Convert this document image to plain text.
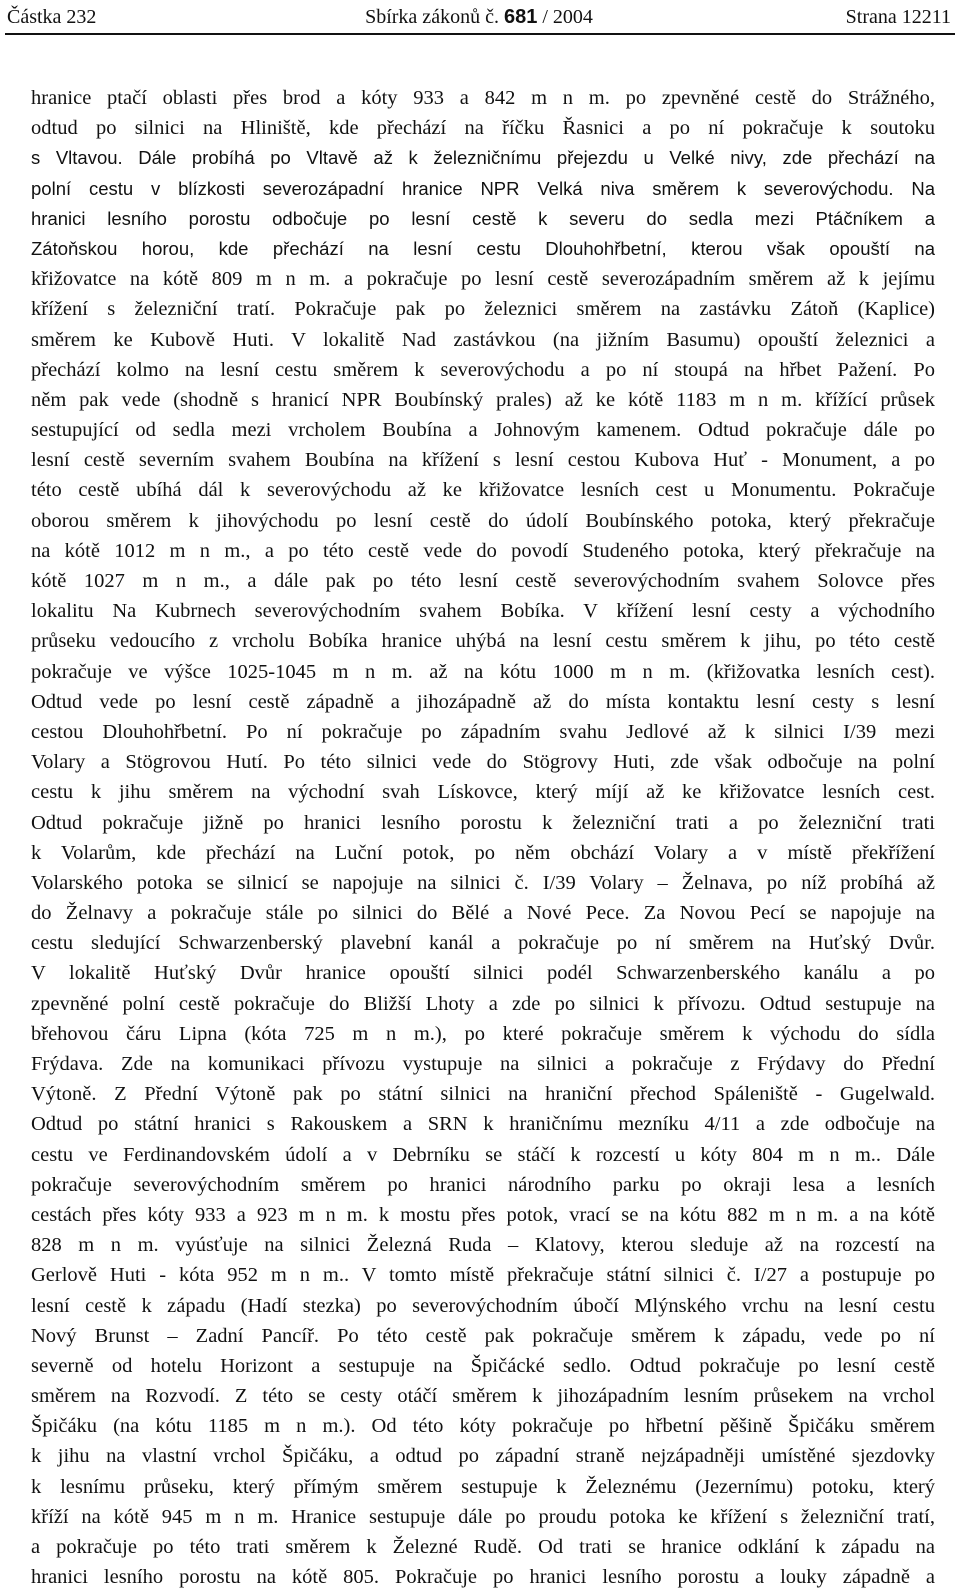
Částka 232	Sbírka zákonů č. 681 / 2004	Strana 12211
hranice ptačí oblasti přes brod a kóty 933 a 842 m n m. po zpevněné cestě do Strážného,
odtud po silnici na Hliniště, kde přechází na říčku Řasnici a po ní pokračuje k soutoku
s Vltavou. Dále probíhá po Vltavě až k železničnímu přejezdu u Velké nivy, zde přechází na
polní cestu v blízkosti severozápadní hranice NPR Velká niva směrem k severovýchodu. Na
hranici lesního porostu odbočuje po lesní cestě k severu do sedla mezi Ptáčníkem a
Zátoňskou horou, kde přechází na lesní cestu Dlouhohřbetní, kterou však opouští na
křižovatce na kótě 809 m n m. a pokračuje po lesní cestě severozápadním směrem až k jejímu
křížení s železniční tratí. Pokračuje pak po železnici směrem na zastávku Zátoň (Kaplice)
směrem ke Kubově Huti. V lokalitě Nad zastávkou (na jižním Basumu) opouští železnici a
přechází kolmo na lesní cestu směrem k severovýchodu a po ní stoupá na hřbet Pažení. Po
něm pak vede (shodně s hranicí NPR Boubínský prales) až ke kótě 1183 m n m. křížící průsek
sestupující od sedla mezi vrcholem Boubína a Johnovým kamenem. Odtud pokračuje dále po
lesní cestě severním svahem Boubína na křížení s lesní cestou Kubova Huť - Monument, a po
této cestě ubíhá dál k severovýchodu až ke křižovatce lesních cest u Monumentu. Pokračuje
oborou směrem k jihovýchodu po lesní cestě do údolí Boubínského potoka, který překračuje
na kótě 1012 m n m., a po této cestě vede do povodí Studeného potoka, který překračuje na
kótě 1027 m n m., a dále pak po této lesní cestě severovýchodním svahem Solovce přes
lokalitu Na Kubrnech severovýchodním svahem Bobíka. V křížení lesní cesty a východního
průseku vedoucího z vrcholu Bobíka hranice uhýbá na lesní cestu směrem k jihu, po této cestě
pokračuje ve výšce 1025-1045 m n m. až na kótu 1000 m n m. (křižovatka lesních cest).
Odtud vede po lesní cestě západně a jihozápadně až do místa kontaktu lesní cesty s lesní
cestou Dlouhohřbetní. Po ní pokračuje po západním svahu Jedlové až k silnici I/39 mezi
Volary a Stögrovou Hutí. Po této silnici vede do Stögrovy Huti, zde však odbočuje na polní
cestu k jihu směrem na východní svah Lískovce, který míjí až ke křižovatce lesních cest.
Odtud pokračuje jižně po hranici lesního porostu k železniční trati a po železniční trati
k Volarům, kde přechází na Luční potok, po něm obchází Volary a v místě překřížení
Volarského potoka se silnicí se napojuje na silnici č. I/39 Volary – Želnava, po níž probíhá až
do Želnavy a pokračuje stále po silnici do Bělé a Nové Pece. Za Novou Pecí se napojuje na
cestu sledující Schwarzenberský plavební kanál a pokračuje po ní směrem na Huťský Dvůr.
V lokalitě Huťský Dvůr hranice opouští silnici podél Schwarzenberského kanálu a po
zpevněné polní cestě pokračuje do Bližší Lhoty a zde po silnici k přívozu. Odtud sestupuje na
břehovou čáru Lipna (kóta 725 m n m.), po které pokračuje směrem k východu do sídla
Frýdava. Zde na komunikaci přívozu vystupuje na silnici a pokračuje z Frýdavy do Přední
Výtoně. Z Přední Výtoně pak po státní silnici na hraniční přechod Spáleniště - Gugelwald.
Odtud po státní hranici s Rakouskem a SRN k hraničnímu mezníku 4/11 a zde odbočuje na
cestu ve Ferdinandovském údolí a v Debrníku se stáčí k rozcestí u kóty 804 m n m.. Dále
pokračuje severovýchodním směrem po hranici národního parku po okraji lesa a lesních
cestách přes kóty 933 a 923 m n m. k mostu přes potok, vrací se na kótu 882 m n m. a na kótě
828 m n m. vyúsťuje na silnici Železná Ruda – Klatovy, kterou sleduje až na rozcestí na
Gerlově Huti - kóta 952 m n m.. V tomto místě překračuje státní silnici č. I/27 a postupuje po
lesní cestě k západu (Hadí stezka) po severovýchodním úbočí Mlýnského vrchu na lesní cestu
Nový Brunst – Zadní Pancíř. Po této cestě pak pokračuje směrem k západu, vede po ní
severně od hotelu Horizont a sestupuje na Špičácké sedlo. Odtud pokračuje po lesní cestě
směrem na Rozvodí. Z této se cesty otáčí směrem k jihozápadním lesním průsekem na vrchol
Špičáku (na kótu 1185 m n m.). Od této kóty pokračuje po hřbetní pěšině Špičáku směrem
k jihu na vlastní vrchol Špičáku, a odtud po západní straně nejzápadněji umístěné sjezdovky
k lesnímu průseku, který přímým směrem sestupuje k Železnému (Jezernímu) potoku, který
kříží na kótě 945 m n m. Hranice sestupuje dále po proudu potoka ke křížení s železniční tratí,
a pokračuje po této trati směrem k Železné Rudě. Od trati se hranice odklání k západu na
hranici lesního porostu na kótě 805. Pokračuje po hranici lesního porostu a louky západně a
